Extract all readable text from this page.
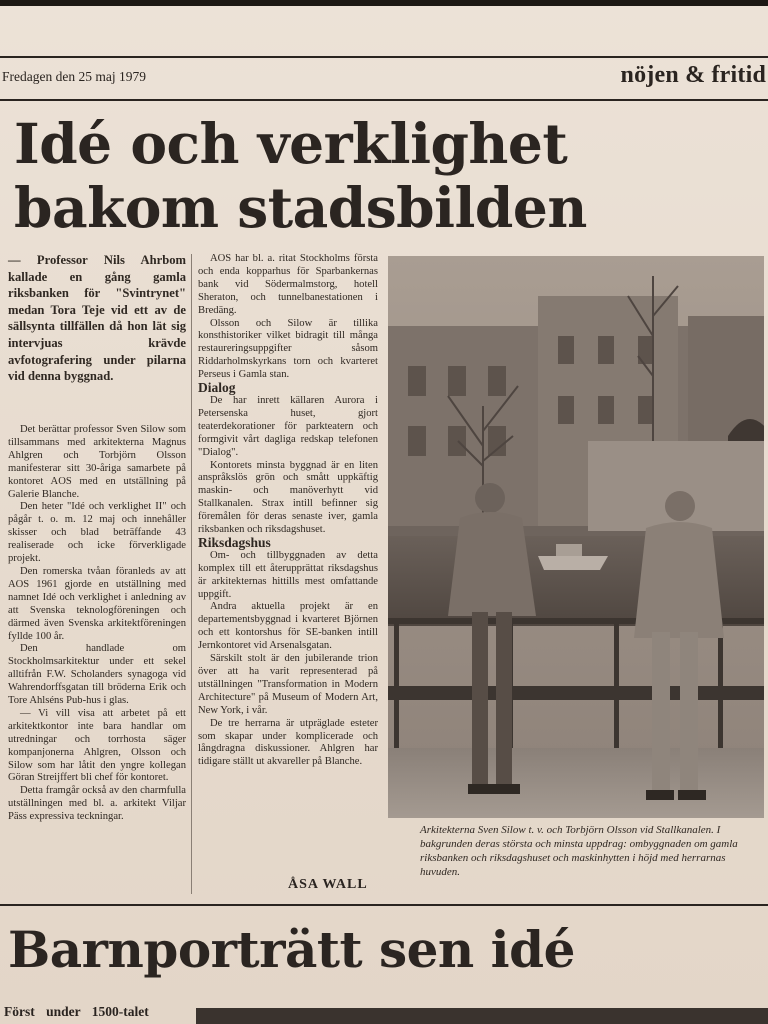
Fredagen den 25 maj 1979	nöjen & fritid
Idé och verklighet
bakom stadsbilden
— Professor Nils Ahrbom kallade en gång gamla riksbanken för "Svintrynet" medan Tora Teje vid ett av de sällsynta tillfällen då hon lät sig intervjuas krävde avfotografering under pilarna vid denna byggnad.

Det berättar professor Sven Silow som tillsammans med arkitekterna Magnus Ahlgren och Torbjörn Olsson manifesterar sitt 30-åriga samarbete på kontoret AOS med en utställning på Galerie Blanche.

Den heter "Idé och verklighet II" och pågår t. o. m. 12 maj och innehåller skisser och blad beträffande 43 realiserade och icke förverkligade projekt.

Den romerska tvåan föranleds av att AOS 1961 gjorde en utställning med namnet Idé och verklighet i anledning av att Svenska teknologföreningen och därmed även Svenska arkitektföreningen fyllde 100 år.

Den handlade om Stockholmsarkitektur under ett sekel alltifrån F.W. Scholanders synagoga vid Wahrendorffsgatan till bröderna Erik och Tore Ahlséns Pub-hus i glas.

— Vi vill visa att arbetet på ett arkitektkontor inte bara handlar om utredningar och torrhosta säger kompanjonerna Ahlgren, Olsson och Silow som har låtit den yngre kollegan Göran Streijffert bli chef för kontoret.

Detta framgår också av den charmfulla utställningen med bl. a. arkitekt Viljar Päss expressiva teckningar.

AOS har bl. a. ritat Stockholms första och enda kopparhus för Sparbankernas bank vid Södermalmstorg, hotell Sheraton, och tunnelbanestationen i Bredäng.

Olsson och Silow är tillika konsthistoriker vilket bidragit till många restaureringsuppgifter såsom Riddarholmskyrkans torn och kvarteret Perseus i Gamla stan.

Dialog

De har inrett källaren Aurora i Petersenska huset, gjort teaterdekorationer för parkteatern och formgivit vårt dagliga redskap telefonen "Dialog".

Kontorets minsta byggnad är en liten anspråkslös grön och smått uppkäftig maskin- och manöverhytt vid Stallkanalen. Strax intill befinner sig föremålen för deras senaste iver, gamla riksbanken och riksdagshuset.

Riksdagshus

Om- och tillbyggnaden av detta komplex till ett återupprättat riksdagshus är arkitekternas hittills mest omfattande uppgift.

Andra aktuella projekt är en departementsbyggnad i kvarteret Björnen och ett kontorshus för SE-banken intill Jernkontoret vid Arsenalsgatan.

Särskilt stolt är den jubilerande trion över att ha varit representerad på utställningen "Transformation in Modern Architecture" på Museum of Modern Art, New York, i vår.

De tre herrarna är utpräglade esteter som skapar under komplicerade och långdragna diskussioner. Ahlgren har tidigare ställt ut akvareller på Blanche.

ÅSA WALL
Arkitekterna Sven Silow t. v. och Torbjörn Olsson vid Stallkanalen. I bakgrunden deras största och minsta uppdrag: ombyggnaden om gamla riksbanken och riksdagshuset och maskinhytten i höjd med herrarnas huvuden.
Barnporträtt sen idé
Först under 1500-talet
